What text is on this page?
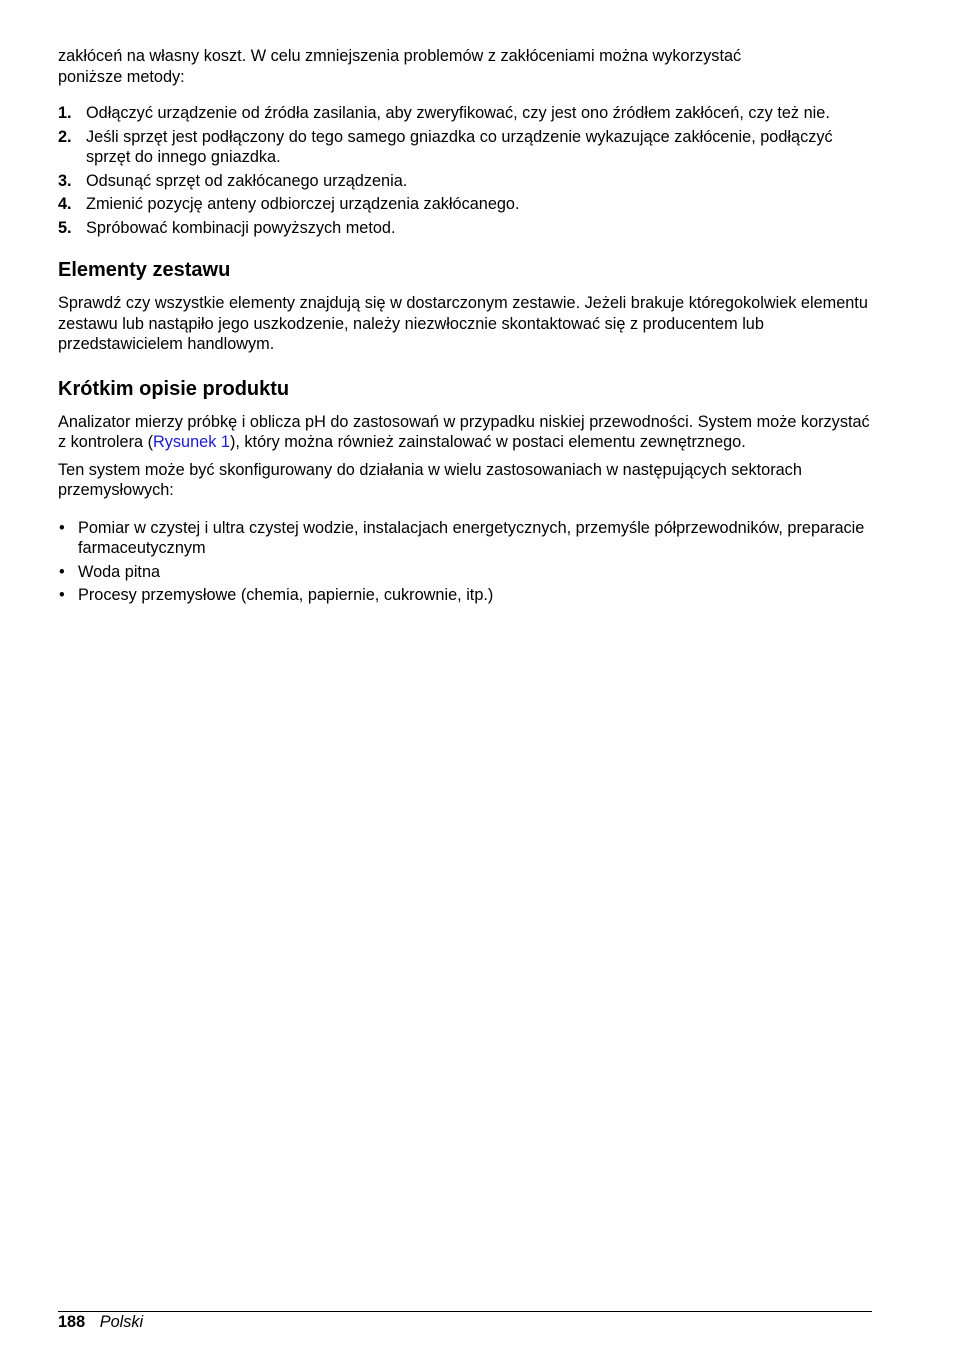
zakłóceń na własny koszt. W celu zmniejszenia problemów z zakłóceniami można wykorzystać

poniższe metody:

1. Odłączyć urządzenie od źródła zasilania, aby zweryfikować, czy jest ono źródłem zakłóceń, czy też nie.
2. Jeśli sprzęt jest podłączony do tego samego gniazdka co urządzenie wykazujące zakłócenie, podłączyć sprzęt do innego gniazdka.
3. Odsunąć sprzęt od zakłócanego urządzenia.
4. Zmienić pozycję anteny odbiorczej urządzenia zakłócanego.
5. Spróbować kombinacji powyższych metod.
Elementy zestawu

Sprawdź czy wszystkie elementy znajdują się w dostarczonym zestawie. Jeżeli brakuje któregokolwiek elementu zestawu lub nastąpiło jego uszkodzenie, należy niezwłocznie skontaktować się z producentem lub przedstawicielem handlowym.

Krótkim opisie produktu

Analizator mierzy próbkę i oblicza pH do zastosowań w przypadku niskiej przewodności. System może korzystać z kontrolera (Rysunek 1), który można również zainstalować w postaci elementu zewnętrznego.

Ten system może być skonfigurowany do działania w wielu zastosowaniach w następujących sektorach przemysłowych:

• Pomiar w czystej i ultra czystej wodzie, instalacjach energetycznych, przemyśle półprzewodników, preparacie farmaceutycznym
• Woda pitna
• Procesy przemysłowe (chemia, papiernie, cukrownie, itp.)
188 Polski
